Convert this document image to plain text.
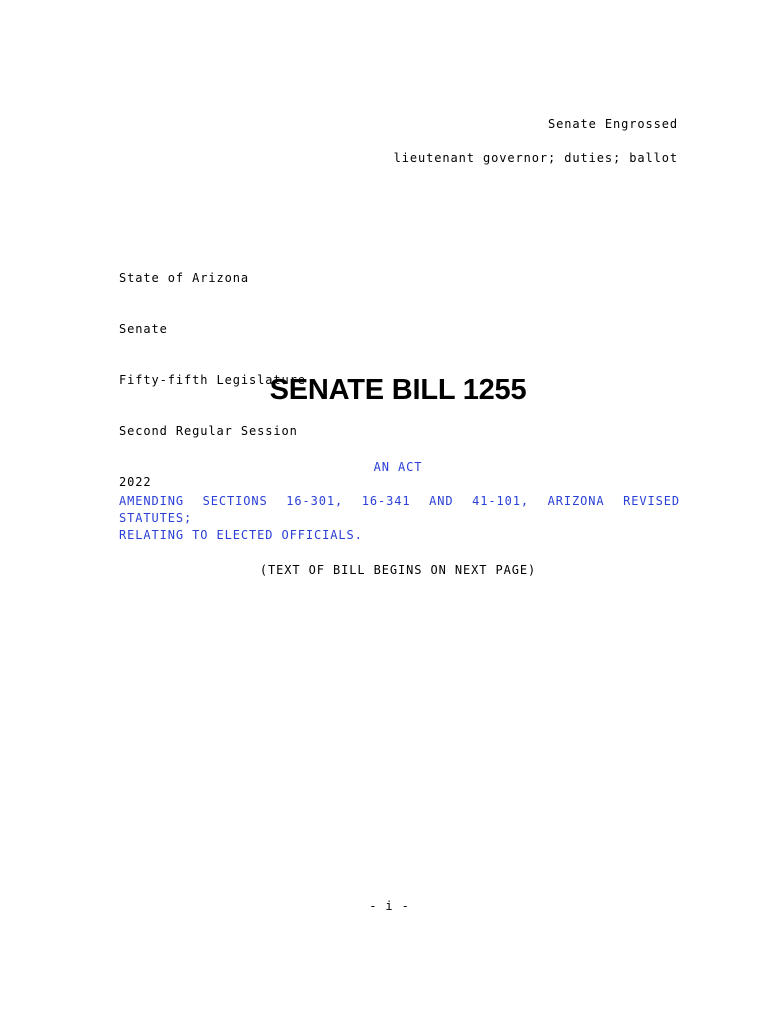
Senate Engrossed
lieutenant governor; duties; ballot

State of Arizona

Senate

Fifty-fifth Legislature

Second Regular Session

2022

SENATE BILL 1255
AN ACT
AMENDING SECTIONS 16-301, 16-341 AND 41-101, ARIZONA REVISED STATUTES;
RELATING TO ELECTED OFFICIALS.
(TEXT OF BILL BEGINS ON NEXT PAGE)
- i -
